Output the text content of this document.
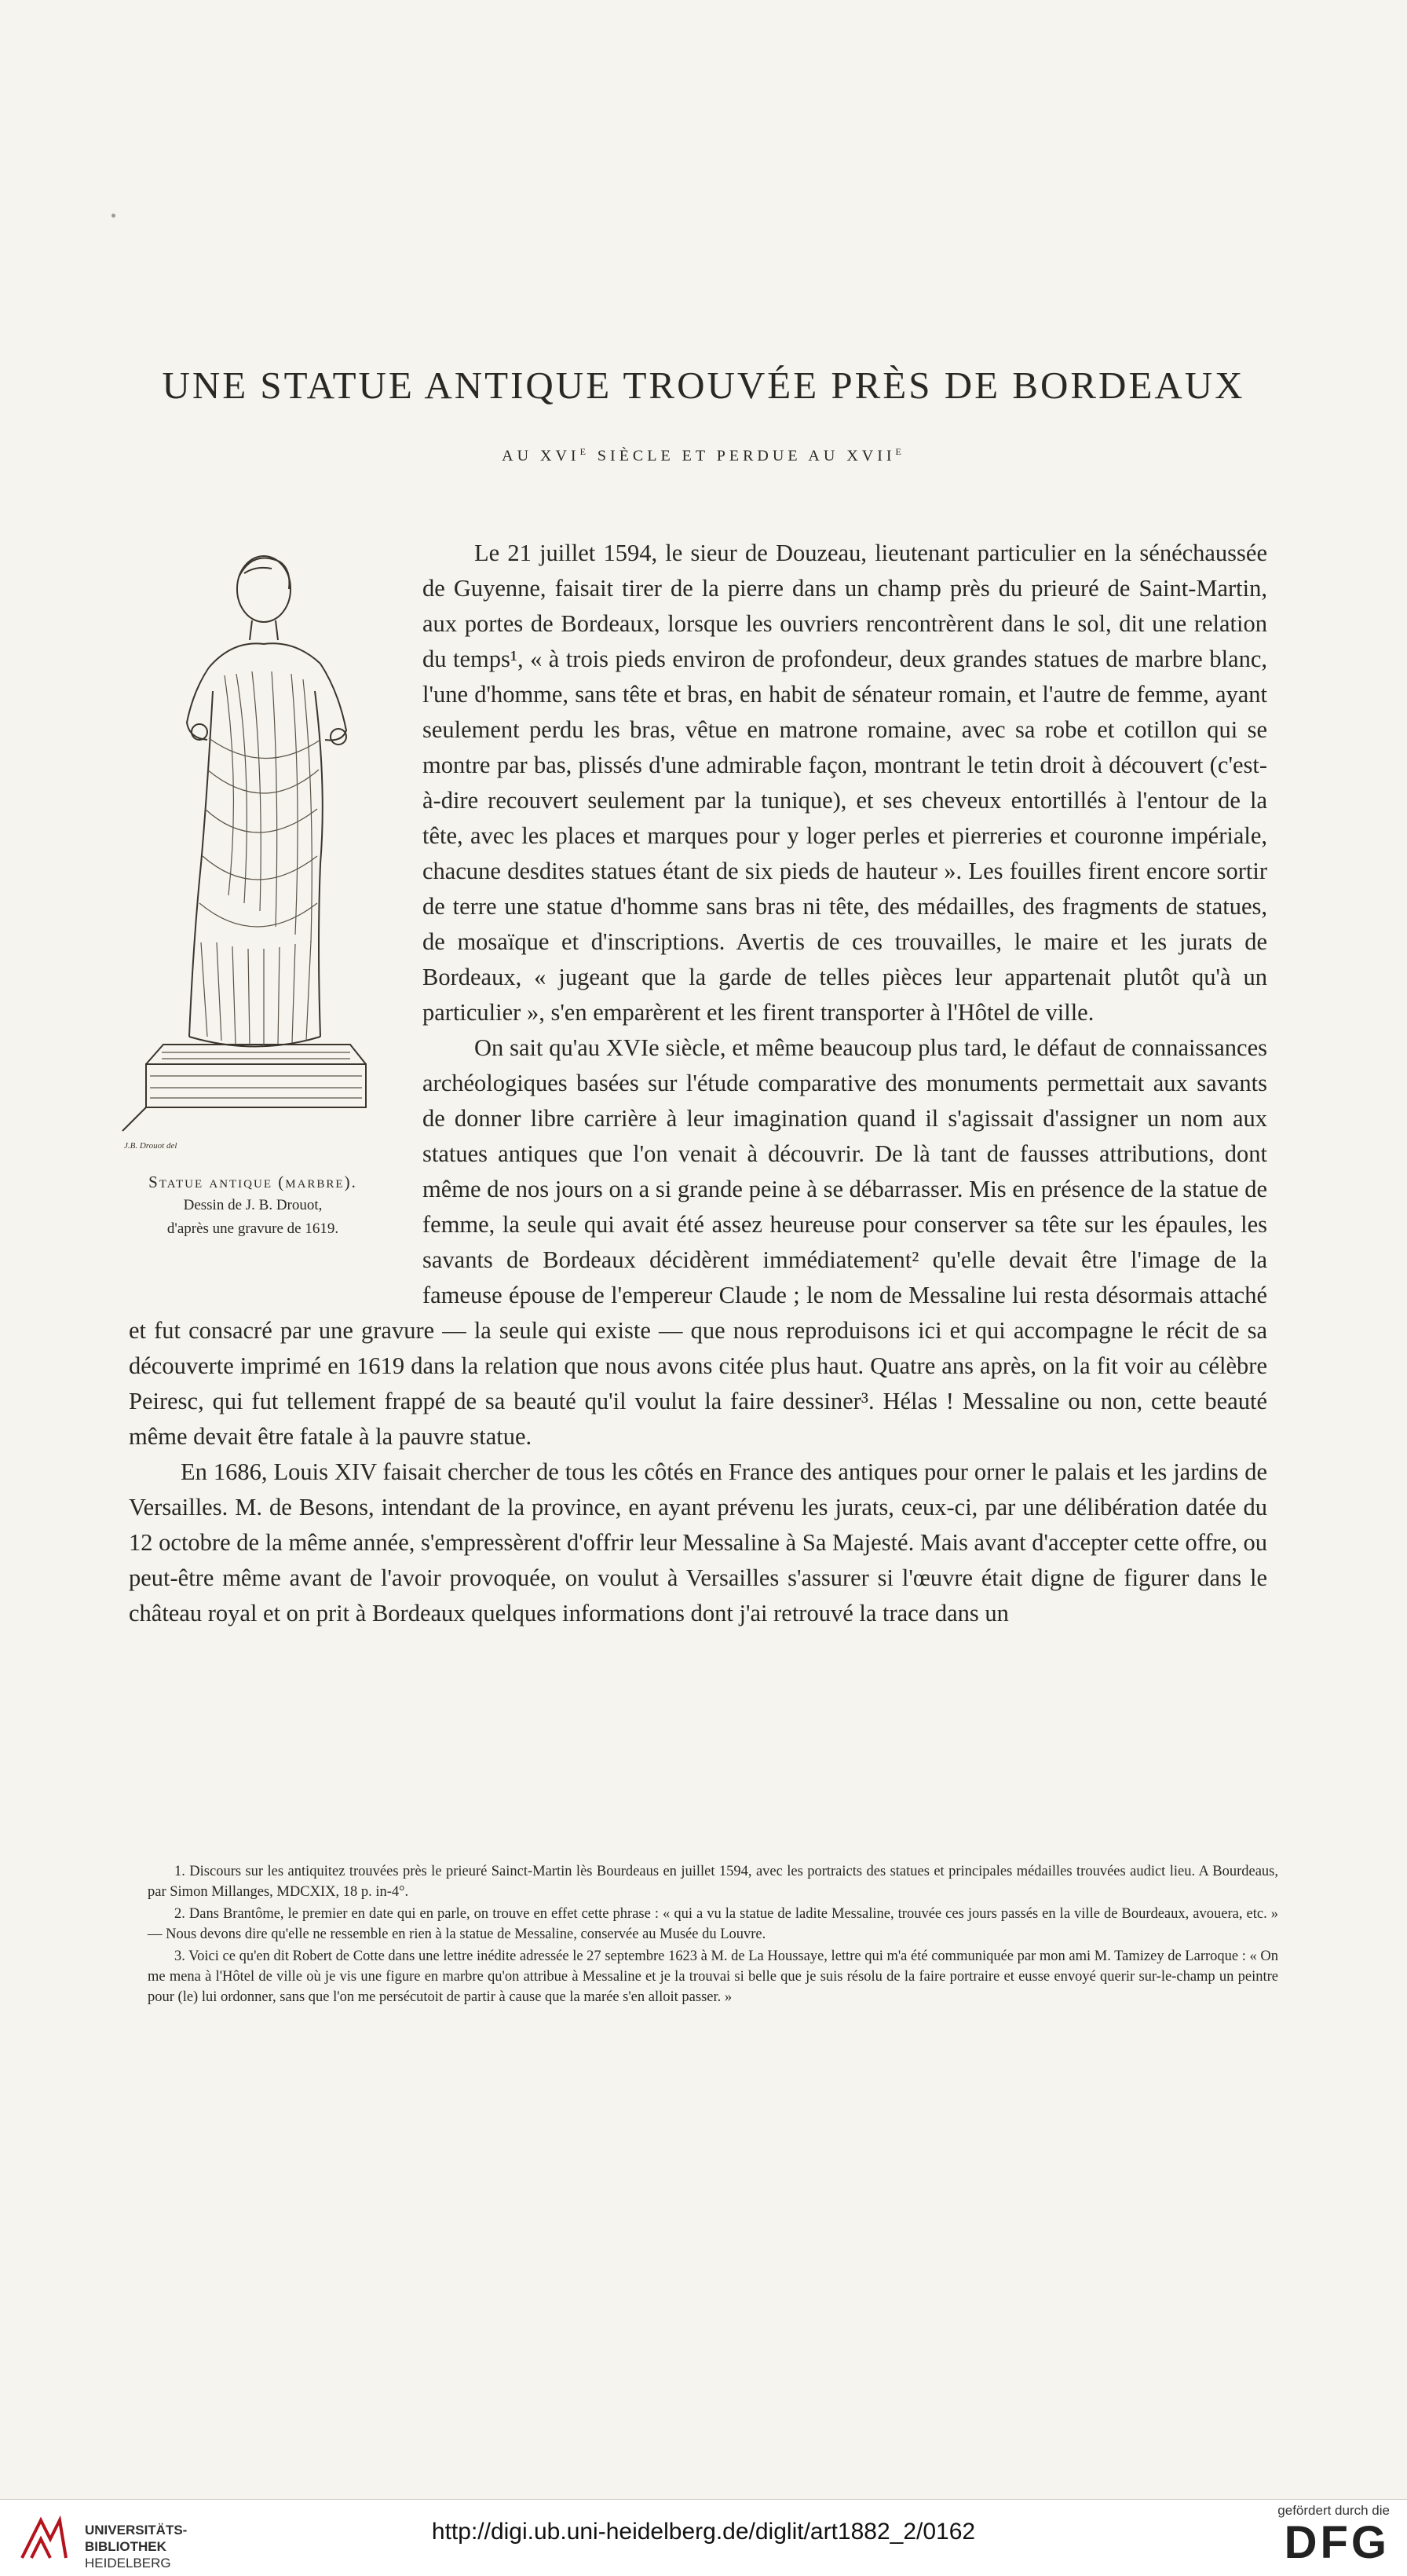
UNE STATUE ANTIQUE TROUVÉE PRÈS DE BORDEAUX
AU $XVI^E$ SIÈCLE ET PERDUE AU $XVII^E$
J.B. Drouot del
Statue antique (marbre).
Dessin de J. B. Drouot,
d'après une gravure de 1619.

Le 21 juillet 1594, le sieur de Douzeau, lieutenant particulier en la sénéchaussée de Guyenne, faisait tirer de la pierre dans un champ près du prieuré de Saint-Martin, aux portes de Bordeaux, lorsque les ouvriers rencontrèrent dans le sol, dit une relation du temps¹, « à trois pieds environ de profondeur, deux grandes statues de marbre blanc, l'une d'homme, sans tête et bras, en habit de sénateur romain, et l'autre de femme, ayant seulement perdu les bras, vêtue en matrone romaine, avec sa robe et cotillon qui se montre par bas, plissés d'une admirable façon, montrant le tetin droit à découvert (c'est-à-dire recouvert seulement par la tunique), et ses cheveux entortillés à l'entour de la tête, avec les places et marques pour y loger perles et pierreries et couronne impériale, chacune desdites statues étant de six pieds de hauteur ». Les fouilles firent encore sortir de terre une statue d'homme sans bras ni tête, des médailles, des fragments de statues, de mosaïque et d'inscriptions. Avertis de ces trouvailles, le maire et les jurats de Bordeaux, « jugeant que la garde de telles pièces leur appartenait plutôt qu'à un particulier », s'en emparèrent et les firent transporter à l'Hôtel de ville.

On sait qu'au XVIe siècle, et même beaucoup plus tard, le défaut de connaissances archéologiques basées sur l'étude comparative des monuments permettait aux savants de donner libre carrière à leur imagination quand il s'agissait d'assigner un nom aux statues antiques que l'on venait à découvrir. De là tant de fausses attributions, dont même de nos jours on a si grande peine à se débarrasser. Mis en présence de la statue de femme, la seule qui avait été assez heureuse pour conserver sa tête sur les épaules, les savants de Bordeaux décidèrent immédiatement² qu'elle devait être l'image de la fameuse épouse de l'empereur Claude ; le nom de Messaline lui resta désormais attaché et fut consacré par une gravure — la seule qui existe — que nous reproduisons ici et qui accompagne le récit de sa découverte imprimé en 1619 dans la relation que nous avons citée plus haut. Quatre ans après, on la fit voir au célèbre Peiresc, qui fut tellement frappé de sa beauté qu'il voulut la faire dessiner³. Hélas ! Messaline ou non, cette beauté même devait être fatale à la pauvre statue.

En 1686, Louis XIV faisait chercher de tous les côtés en France des antiques pour orner le palais et les jardins de Versailles. M. de Besons, intendant de la province, en ayant prévenu les jurats, ceux-ci, par une délibération datée du 12 octobre de la même année, s'empressèrent d'offrir leur Messaline à Sa Majesté. Mais avant d'accepter cette offre, ou peut-être même avant de l'avoir provoquée, on voulut à Versailles s'assurer si l'œuvre était digne de figurer dans le château royal et on prit à Bordeaux quelques informations dont j'ai retrouvé la trace dans un

1. Discours sur les antiquitez trouvées près le prieuré Sainct-Martin lès Bourdeaus en juillet 1594, avec les portraicts des statues et principales médailles trouvées audict lieu. A Bourdeaus, par Simon Millanges, MDCXIX, 18 p. in-4°.

2. Dans Brantôme, le premier en date qui en parle, on trouve en effet cette phrase : « qui a vu la statue de ladite Messaline, trouvée ces jours passés en la ville de Bourdeaux, avouera, etc. » — Nous devons dire qu'elle ne ressemble en rien à la statue de Messaline, conservée au Musée du Louvre.

3. Voici ce qu'en dit Robert de Cotte dans une lettre inédite adressée le 27 septembre 1623 à M. de La Houssaye, lettre qui m'a été communiquée par mon ami M. Tamizey de Larroque : « On me mena à l'Hôtel de ville où je vis une figure en marbre qu'on attribue à Messaline et je la trouvai si belle que je suis résolu de la faire portraire et eusse envoyé querir sur-le-champ un peintre pour (le) lui ordonner, sans que l'on me persécutoit de partir à cause que la marée s'en alloit passer. »

UNIVERSITÄTS-
BIBLIOTHEK
HEIDELBERG
http://digi.ub.uni-heidelberg.de/diglit/art1882_2/0162
gefördert durch die
DFG
